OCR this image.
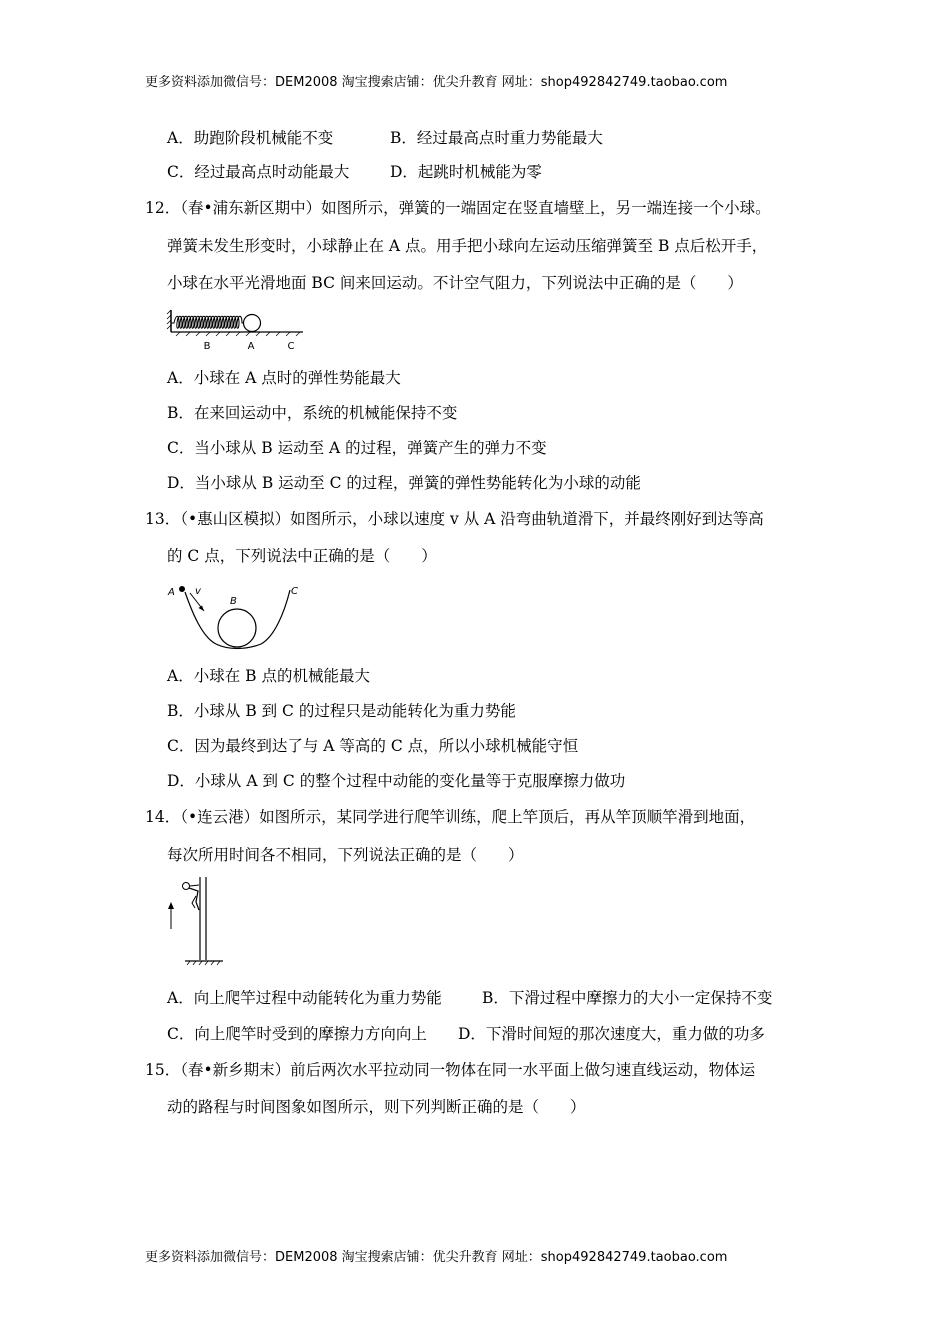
更多资料添加微信号：DEM2008 淘宝搜索店铺：优尖升教育 网址：shop492842749.taobao.com
A．助跑阶段机械能不变	B．经过最高点时重力势能最大
C．经过最高点时动能最大	D．起跳时机械能为零
12．（春•浦东新区期中）如图所示，弹簧的一端固定在竖直墙壁上，另一端连接一个小球。
弹簧未发生形变时，小球静止在 A 点。用手把小球向左运动压缩弹簧至 B 点后松开手，
小球在水平光滑地面 BC 间来回运动。不计空气阻力，下列说法中正确的是（　　）
B	A	C
A．小球在 A 点时的弹性势能最大
B．在来回运动中，系统的机械能保持不变
C．当小球从 B 运动至 A 的过程，弹簧产生的弹力不变
D．当小球从 B 运动至 C 的过程，弹簧的弹性势能转化为小球的动能
13．（•惠山区模拟）如图所示，小球以速度 v 从 A 沿弯曲轨道滑下，并最终刚好到达等高
的 C 点，下列说法中正确的是（　　）
A v
B
C
A．小球在 B 点的机械能最大
B．小球从 B 到 C 的过程只是动能转化为重力势能
C．因为最终到达了与 A 等高的 C 点，所以小球机械能守恒
D．小球从 A 到 C 的整个过程中动能的变化量等于克服摩擦力做功
14．（•连云港）如图所示，某同学进行爬竿训练，爬上竿顶后，再从竿顶顺竿滑到地面，
每次所用时间各不相同，下列说法正确的是（　　）
A．向上爬竿过程中动能转化为重力势能	B．下滑过程中摩擦力的大小一定保持不变
C．向上爬竿时受到的摩擦力方向向上 D．下滑时间短的那次速度大，重力做的功多
15．（春•新乡期末）前后两次水平拉动同一物体在同一水平面上做匀速直线运动，物体运
动的路程与时间图象如图所示，则下列判断正确的是（　　）
更多资料添加微信号：DEM2008 淘宝搜索店铺：优尖升教育 网址：shop492842749.taobao.com
